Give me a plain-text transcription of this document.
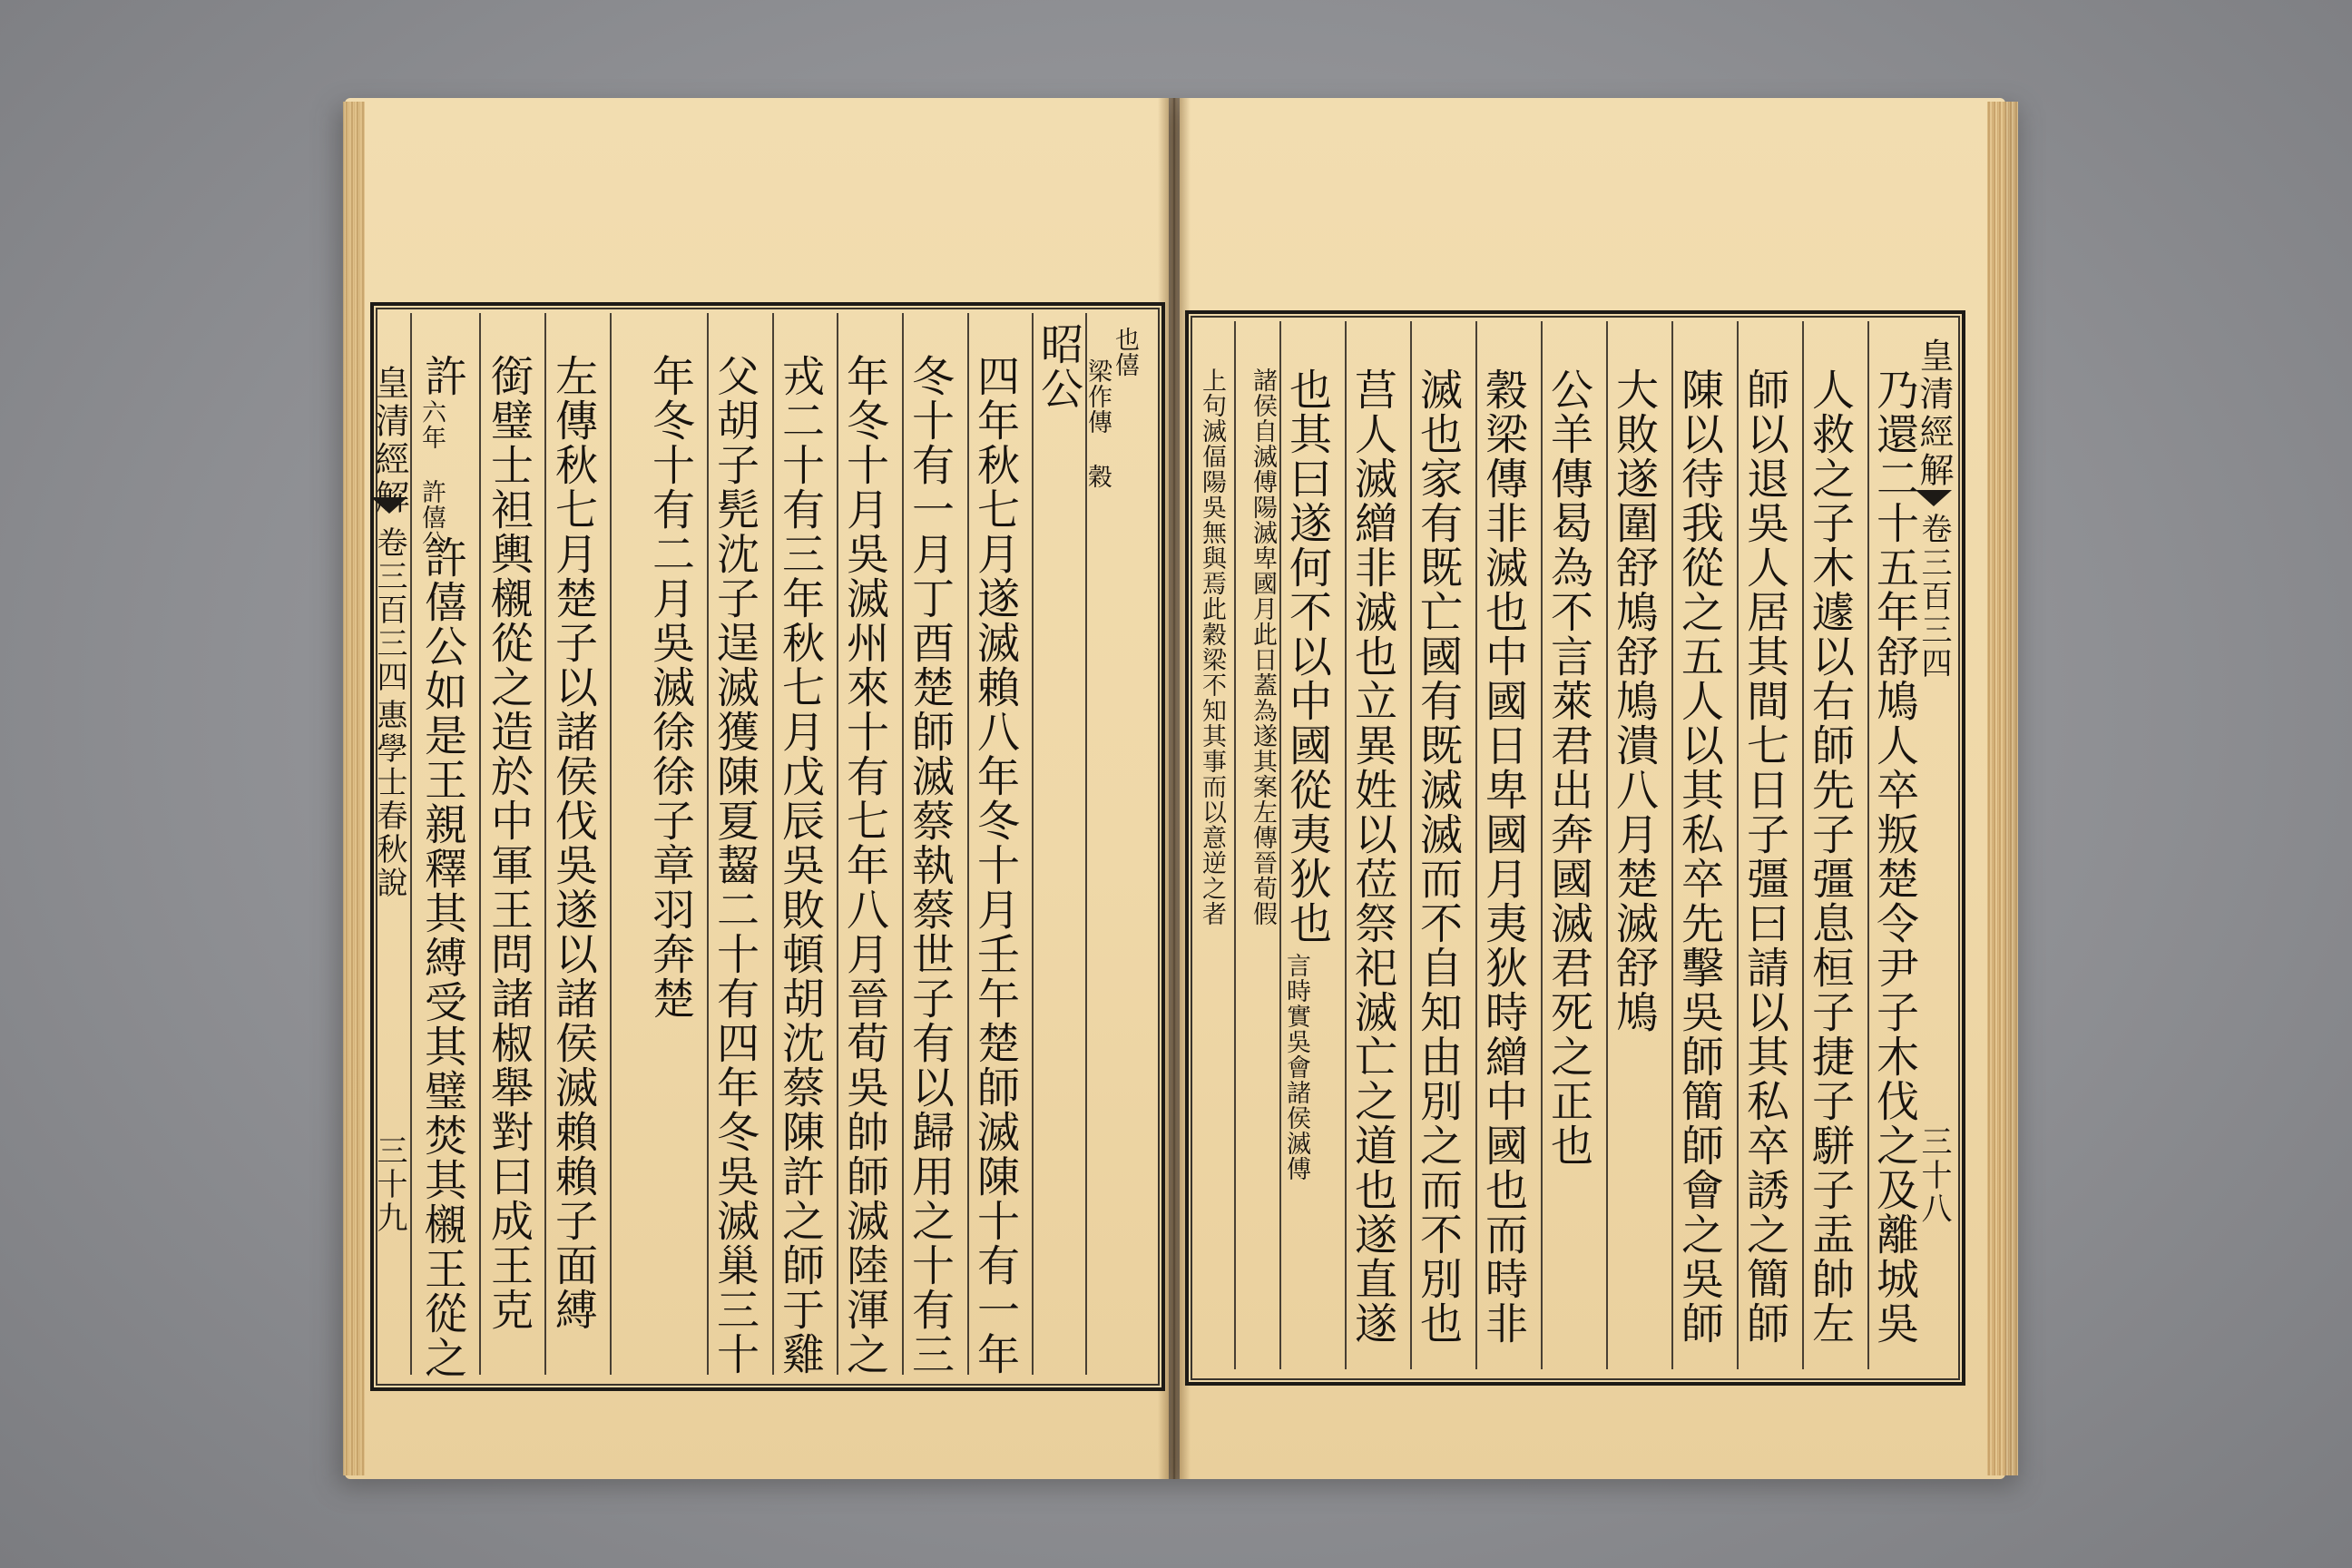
皇清經解
卷三百三四
惠學士春秋說
三十九
也僖
梁作傳 穀
昭公
四年秋七月遂滅賴八年冬十月壬午楚師滅陳十有一年
冬十有一月丁酉楚師滅蔡執蔡世子有以歸用之十有三
年冬十月吳滅州來十有七年八月晉荀吳帥師滅陸渾之
戎二十有三年秋七月戊辰吳敗頓胡沈蔡陳許之師于雞
父胡子髡沈子逞滅獲陳夏齧二十有四年冬吳滅巢三十
年冬十有二月吳滅徐徐子章羽奔楚
左傳秋七月楚子以諸侯伐吳遂以諸侯滅賴賴子面縛
銜璧士袒輿櫬從之造於中軍王問諸椒舉對曰成王克
許
六年 許僖公
許僖公如是王親釋其縛受其璧焚其櫬王從之
皇清經解
卷三百三四
三十八
乃還二十五年舒鳩人卒叛楚令尹子木伐之及離城吳
人救之子木遽以右師先子彊息桓子捷子駢子盂帥左
師以退吳人居其間七日子彊曰請以其私卒誘之簡師
陳以待我從之五人以其私卒先擊吳師簡師會之吳師
大敗遂圍舒鳩舒鳩潰八月楚滅舒鳩
公羊傳曷為不言萊君出奔國滅君死之正也
穀梁傳非滅也中國日卑國月夷狄時繒中國也而時非
滅也家有既亡國有既滅滅而不自知由別之而不別也
莒人滅繒非滅也立異姓以莅祭祀滅亡之道也遂直遂
也其曰遂何不以中國從夷狄也
言時實吳會諸侯滅傅
諸侯自滅傅陽滅卑國月此日蓋為遂其案左傳晉荀假
上句滅偪陽吳無與焉此穀梁不知其事而以意逆之者
